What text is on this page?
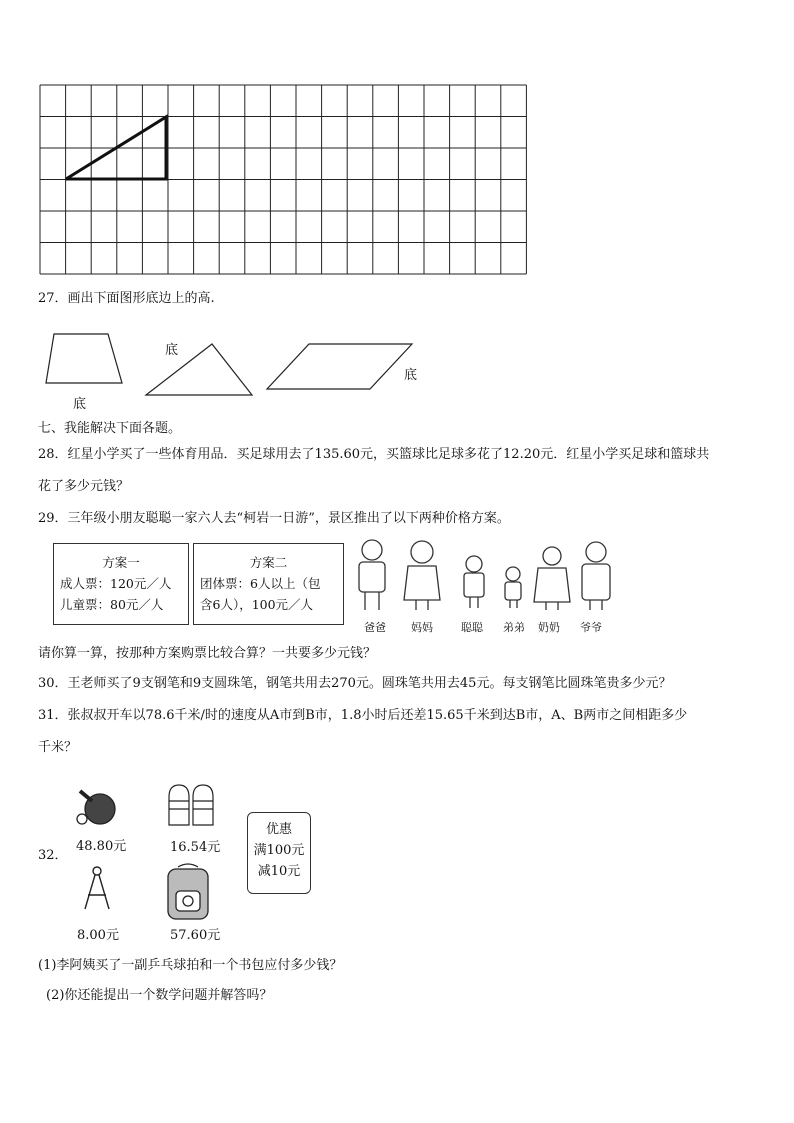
27．画出下面图形底边上的高.
底
底
底
七、我能解决下面各题。
28．红星小学买了一些体育用品．买足球用去了135.60元，买篮球比足球多花了12.20元．红星小学买足球和篮球共
花了多少元钱？
29．三年级小朋友聪聪一家六人去“柯岩一日游”，景区推出了以下两种价格方案。
方案一
成人票：120元／人
儿童票：80元／人
方案二
团体票：6人以上（包
含6人），100元／人
爸爸 妈妈	聪聪 弟弟 奶奶 爷爷
请你算一算，按那种方案购票比较合算？一共要多少元钱？
30．王老师买了9支钢笔和9支圆珠笔，钢笔共用去270元。圆珠笔共用去45元。每支钢笔比圆珠笔贵多少元？
31．张叔叔开车以78.6千米/时的速度从A市到B市，1.8小时后还差15.65千米到达B市，A、B两市之间相距多少
千米？
32．
48.80元	16.54元
优惠
满100元
减10元
8.00元	57.60元
(1)李阿姨买了一副乒乓球拍和一个书包应付多少钱？
(2)你还能提出一个数学问题并解答吗？
